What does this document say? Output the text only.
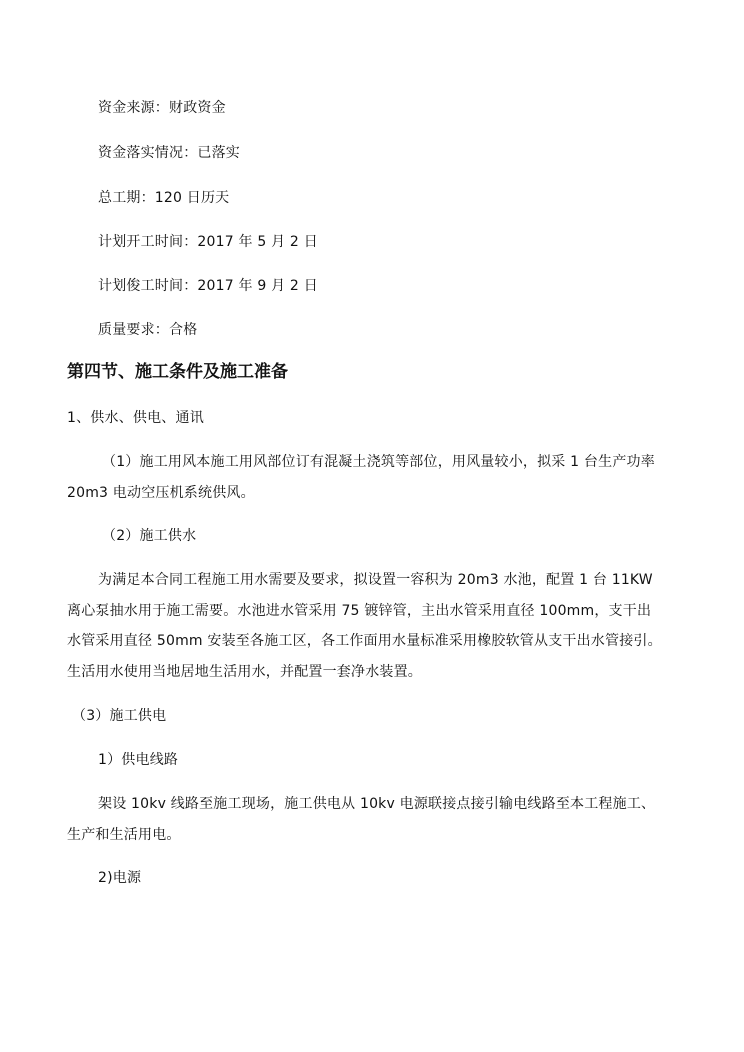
资金来源：财政资金
资金落实情况：已落实
总工期：120 日历天
计划开工时间：2017 年 5 月 2 日
计划俊工时间：2017 年 9 月 2 日
质量要求：合格
第四节、施工条件及施工准备
1、供水、供电、通讯
（1）施工用风本施工用风部位订有混凝土浇筑等部位，用风量较小，拟采 1 台生产功率
20m3 电动空压机系统供风。
（2）施工供水
为满足本合同工程施工用水需要及要求，拟设置一容积为 20m3 水池，配置 1 台 11KW
离心泵抽水用于施工需要。水池进水管采用 75 镀锌管，主出水管采用直径 100mm，支干出
水管采用直径 50mm 安装至各施工区，各工作面用水量标准采用橡胶软管从支干出水管接引。
生活用水使用当地居地生活用水，并配置一套净水装置。
（3）施工供电
1）供电线路
架设 10kv 线路至施工现场，施工供电从 10kv 电源联接点接引输电线路至本工程施工、
生产和生活用电。
2)电源
